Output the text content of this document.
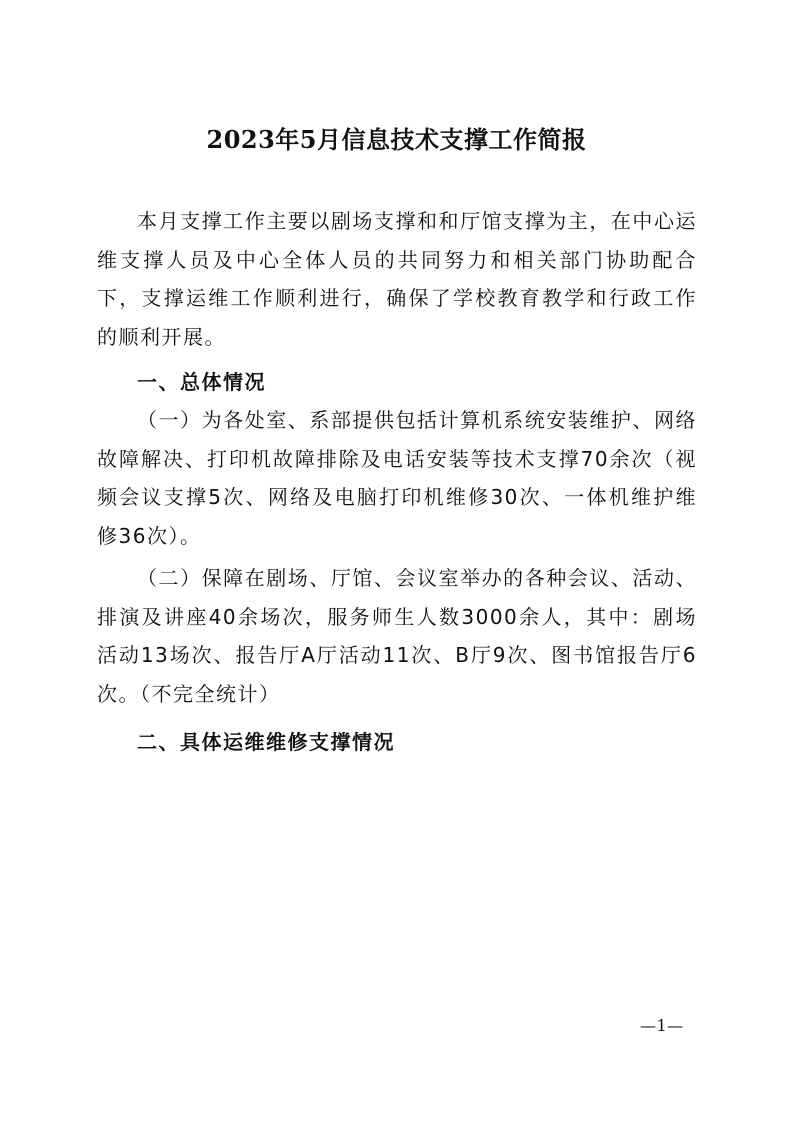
2023年5月信息技术支撑工作简报

本月支撑工作主要以剧场支撑和和厅馆支撑为主，在中心运维支撑人员及中心全体人员的共同努力和相关部门协助配合下，支撑运维工作顺利进行，确保了学校教育教学和行政工作的顺利开展。

一、总体情况

（一）为各处室、系部提供包括计算机系统安装维护、网络故障解决、打印机故障排除及电话安装等技术支撑70余次（视频会议支撑5次、网络及电脑打印机维修30次、一体机维护维修36次）。

（二）保障在剧场、厅馆、会议室举办的各种会议、活动、排演及讲座40余场次，服务师生人数3000余人，其中：剧场活动13场次、报告厅A厅活动11次、B厅9次、图书馆报告厅6次。（不完全统计）

二、具体运维维修支撑情况

—1—
